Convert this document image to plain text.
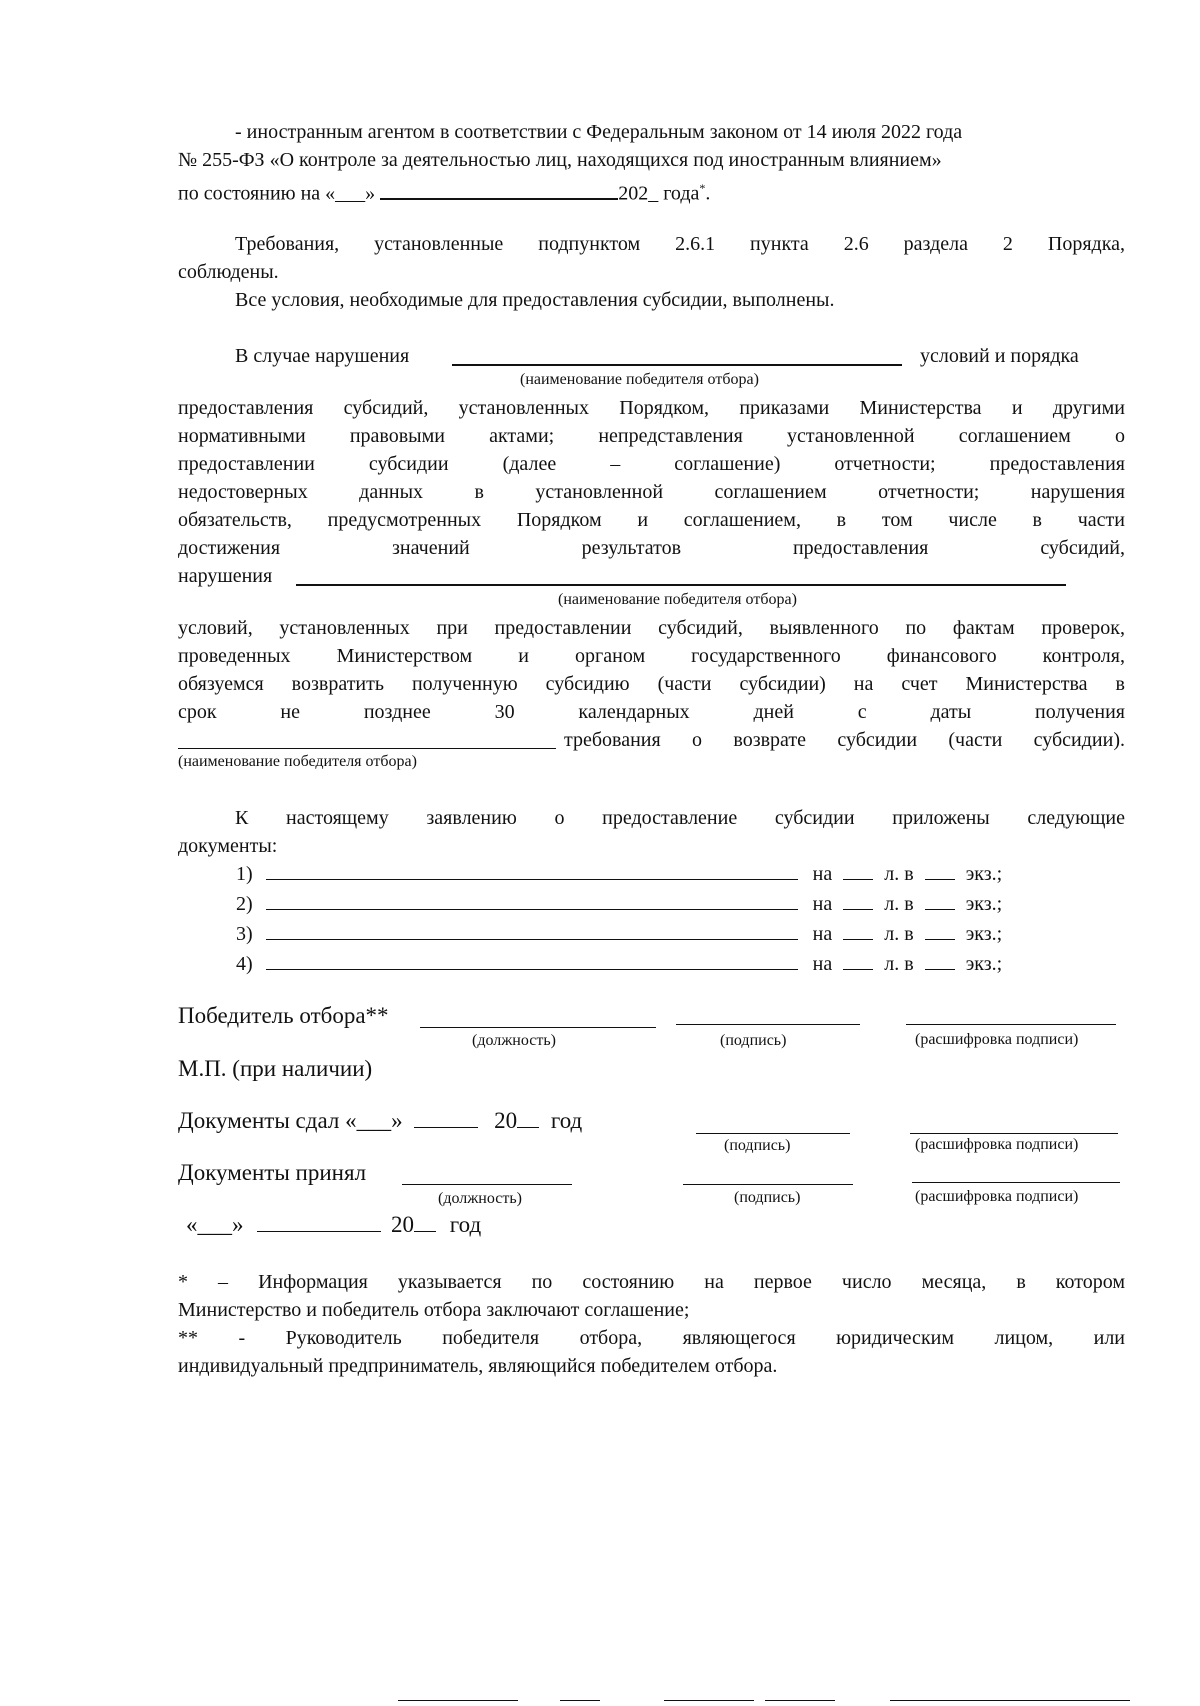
- иностранным агентом в соответствии с Федеральным законом от 14 июля 2022 года
№ 255-ФЗ «О контроле за деятельностью лиц, находящихся под иностранным влиянием»
по состоянию на «___»	202_ года*.
Требования, установленные подпунктом 2.6.1 пункта 2.6 раздела 2 Порядка,
соблюдены.
Все условия, необходимые для предоставления субсидии, выполнены.
В случае нарушения	условий и порядка
(наименование победителя отбора)
предоставления субсидий, установленных Порядком, приказами Министерства и другими
нормативными правовыми актами; непредставления установленной соглашением о
предоставлении субсидии (далее – соглашение) отчетности; предоставления
недостоверных данных в установленной соглашением отчетности; нарушения
обязательств, предусмотренных Порядком и соглашением, в том числе в части
достижения значений результатов предоставления субсидий,
нарушения
(наименование победителя отбора)
условий, установленных при предоставлении субсидий, выявленного по фактам проверок,
проведенных Министерством и органом государственного финансового контроля,
обязуемся возвратить полученную субсидию (части субсидии) на счет Министерства в
срок не позднее 30 календарных дней с даты получения
требования о возврате субсидии (части субсидии).
(наименование победителя отбора)
К настоящему заявлению о предоставление субсидии приложены следующие
документы:
1)	на	л. в	экз.;
2)	на	л. в	экз.;
3)	на	л. в	экз.;
4)	на	л. в	экз.;
Победитель отбора**
(должность)	(подпись)	(расшифровка подписи)
М.П. (при наличии)
Документы сдал «___»	20 год
(подпись)	(расшифровка подписи)
Документы принял
(должность)	(подпись)	(расшифровка подписи)
«___»	20 год
* – Информация указывается по состоянию на первое число месяца, в котором
Министерство и победитель отбора заключают соглашение;
** - Руководитель победителя отбора, являющегося юридическим лицом, или
индивидуальный предприниматель, являющийся победителем отбора.
